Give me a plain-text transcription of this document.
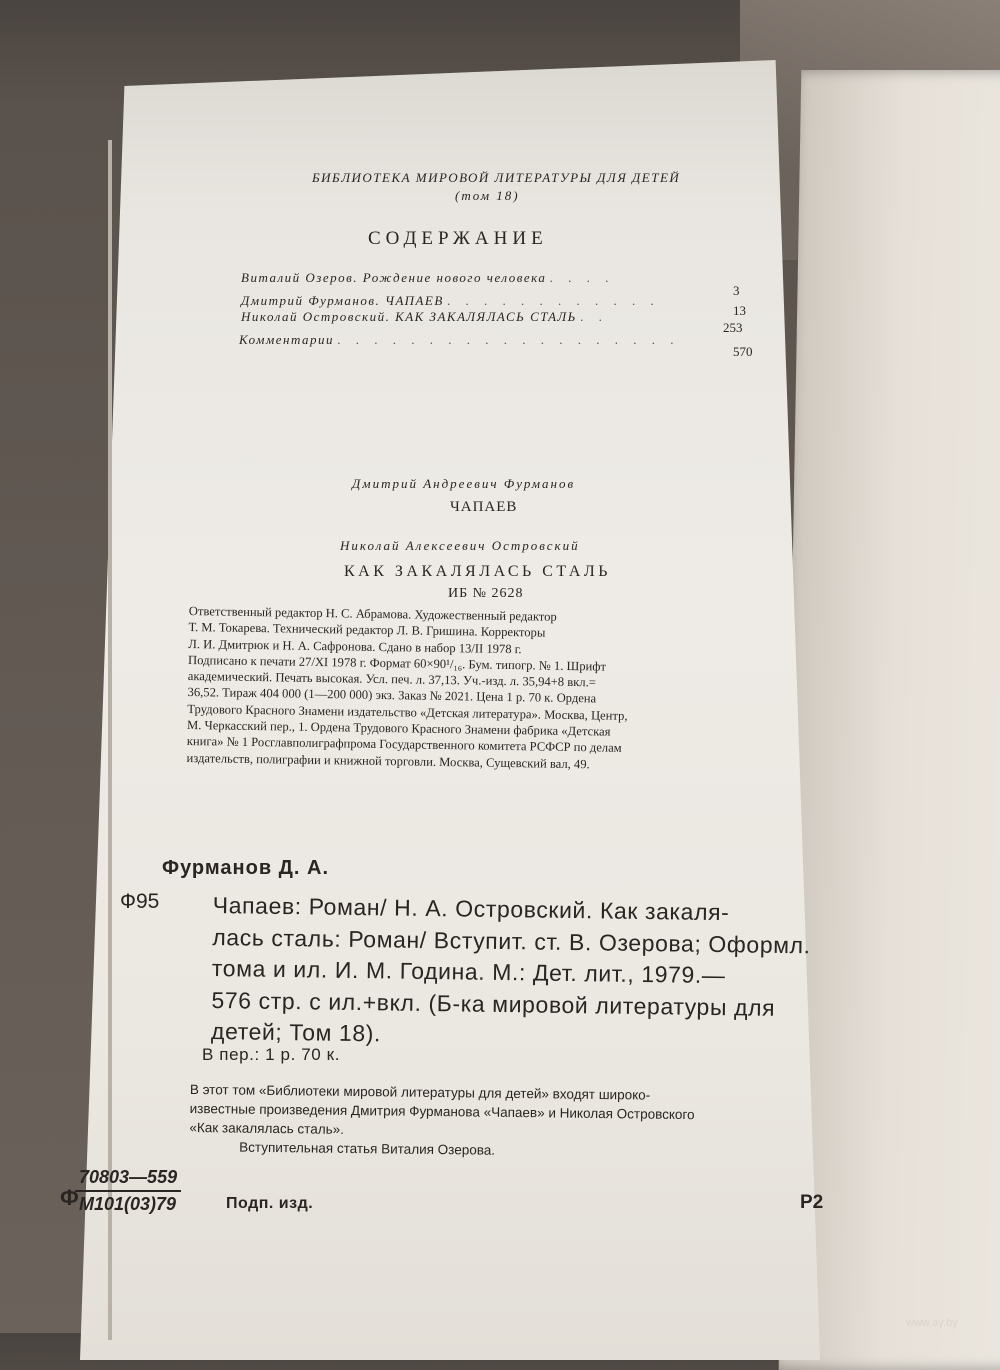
БИБЛИОТЕКА МИРОВОЙ ЛИТЕРАТУРЫ ДЛЯ ДЕТЕЙ
(том 18)
СОДЕРЖАНИЕ
Виталий Озеров. Рождение нового человека . . . .
3
Дмитрий Фурманов. ЧАПАЕВ . . . . . . . . . . . .
13
Николай Островский. КАК ЗАКАЛЯЛАСЬ СТАЛЬ . .
253
Комментарии . . . . . . . . . . . . . . . . . . .
570
Дмитрий Андреевич Фурманов
ЧАПАЕВ
Николай Алексеевич Островский
КАК ЗАКАЛЯЛАСЬ СТАЛЬ
ИБ № 2628
Ответственный редактор Н. С. Абрамова. Художественный редактор
Т. М. Токарева. Технический редактор Л. В. Гришина. Корректоры
Л. И. Дмитрюк и Н. А. Сафронова. Сдано в набор 13/II 1978 г.
Подписано к печати 27/XI 1978 г. Формат 60×90¹/₁₆. Бум. типогр. № 1. Шрифт
академический. Печать высокая. Усл. печ. л. 37,13. Уч.-изд. л. 35,94+8 вкл.=
36,52. Тираж 404 000 (1—200 000) экз. Заказ № 2021. Цена 1 р. 70 к. Ордена
Трудового Красного Знамени издательство «Детская литература». Москва, Центр,
М. Черкасский пер., 1. Ордена Трудового Красного Знамени фабрика «Детская
книга» № 1 Росглавполиграфпрома Государственного комитета РСФСР по делам
издательств, полиграфии и книжной торговли. Москва, Сущевский вал, 49.
Фурманов Д. А.
Ф95 Чапаев: Роман/ Н. А. Островский. Как закаля-
лась сталь: Роман/ Вступит. ст. В. Озерова; Оформл.
тома и ил. И. М. Година. М.: Дет. лит., 1979.—
576 стр. с ил.+вкл. (Б-ка мировой литературы для
детей; Том 18).
В пер.: 1 р. 70 к.
В этот том «Библиотеки мировой литературы для детей» входят широко-
известные произведения Дмитрия Фурманова «Чапаев» и Николая Островского
«Как закалялась сталь».
Вступительная статья Виталия Озерова.
Ф
70803—559
М101(03)79	Подп. изд.	Р2
www.ay.by
